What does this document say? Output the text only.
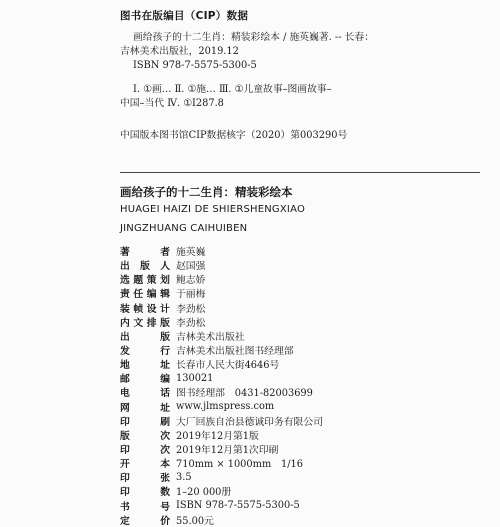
图书在版编目（CIP）数据
画给孩子的十二生肖：精装彩绘本 / 施英巍著. -- 长春：
吉林美术出版社，2019.12
ISBN 978-7-5575-5300-5
Ⅰ. ①画… Ⅱ. ①施… Ⅲ. ①儿童故事–图画故事–
中国–当代 Ⅳ. ①I287.8
中国版本图书馆CIP数据核字（2020）第003290号
画给孩子的十二生肖：精装彩绘本
HUAGEI HAIZI DE SHIERSHENGXIAO
JINGZHUANG CAIHUIBEN
著	者 施英巍
出 版 人 赵国强
选 题 策 划 鲍志娇
责 任 编 辑 于丽梅
装 帧 设 计 李劲松
内 文 排 版 李劲松
出	版 吉林美术出版社
发	行 吉林美术出版社图书经理部
地	址 长春市人民大街4646号
邮	编 130021
电	话 图书经理部　0431-82003699
网	址 www.jlmspress.com
印	刷 大厂回族自治县德诚印务有限公司
版	次 2019年12月第1版
印	次 2019年12月第1次印刷
开	本 710mm × 1000mm　1/16
印	张 3.5
印	数 1–20 000册
书	号 ISBN 978-7-5575-5300-5
定	价 55.00元
